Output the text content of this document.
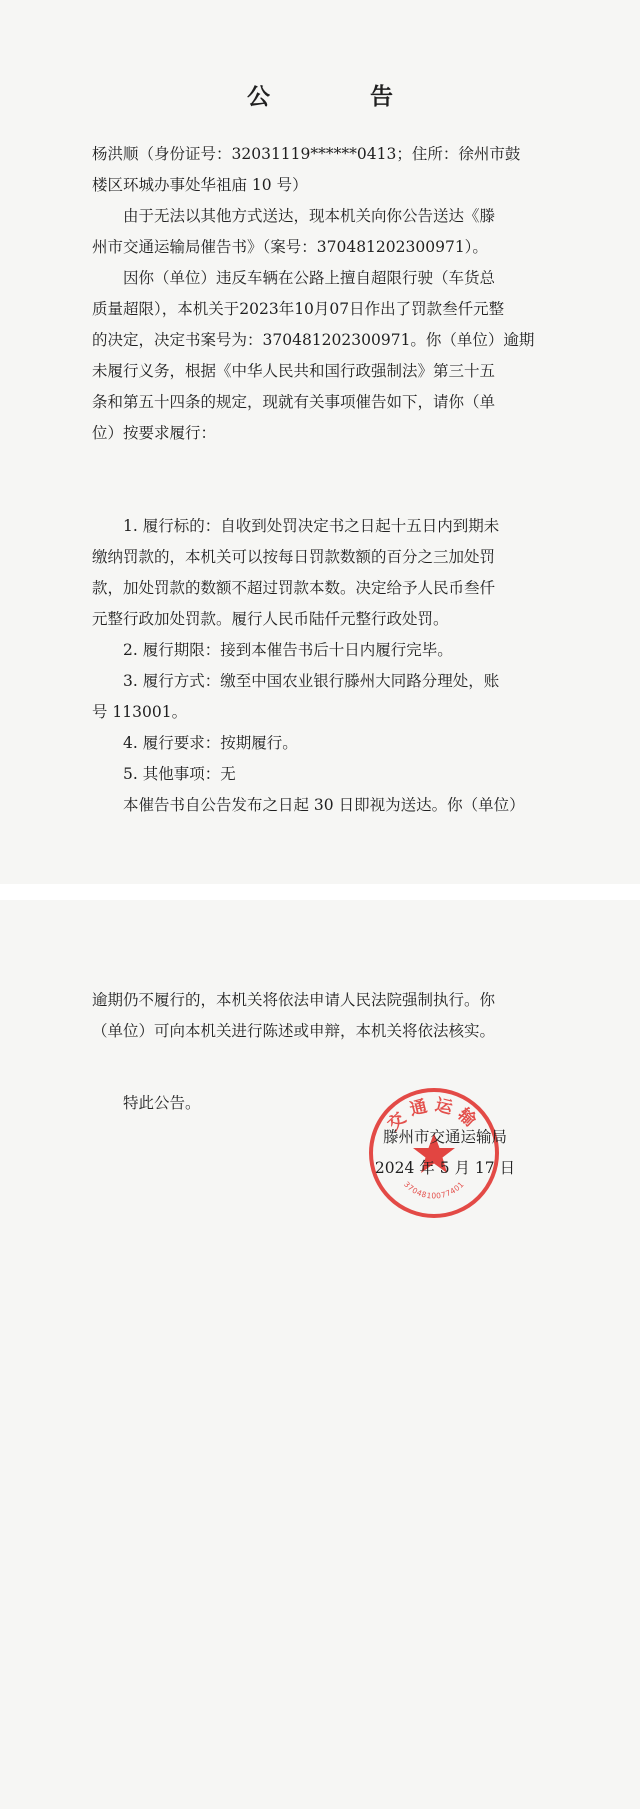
公 告
杨洪顺（身份证号：32031119******0413；住所：徐州市鼓
楼区环城办事处华祖庙 10 号）
由于无法以其他方式送达，现本机关向你公告送达《滕
州市交通运输局催告书》（案号：370481202300971）。
因你（单位）违反车辆在公路上擅自超限行驶（车货总
质量超限），本机关于2023年10月07日作出了罚款叁仟元整
的决定，决定书案号为：370481202300971。你（单位）逾期
未履行义务，根据《中华人民共和国行政强制法》第三十五
条和第五十四条的规定，现就有关事项催告如下，请你（单
位）按要求履行：
1. 履行标的：自收到处罚决定书之日起十五日内到期未
缴纳罚款的，本机关可以按每日罚款数额的百分之三加处罚
款，加处罚款的数额不超过罚款本数。决定给予人民币叁仟
元整行政加处罚款。履行人民币陆仟元整行政处罚。
2. 履行期限：接到本催告书后十日内履行完毕。
3. 履行方式：缴至中国农业银行滕州大同路分理处，账
号 113001。
4. 履行要求：按期履行。
5. 其他事项：无
本催告书自公告发布之日起 30 日即视为送达。你（单位）
逾期仍不履行的，本机关将依法申请人民法院强制执行。你
（单位）可向本机关进行陈述或申辩，本机关将依法核实。
特此公告。
交通运输
3704810077401
滕州市交通运输局
2024 年 5 月 17 日
